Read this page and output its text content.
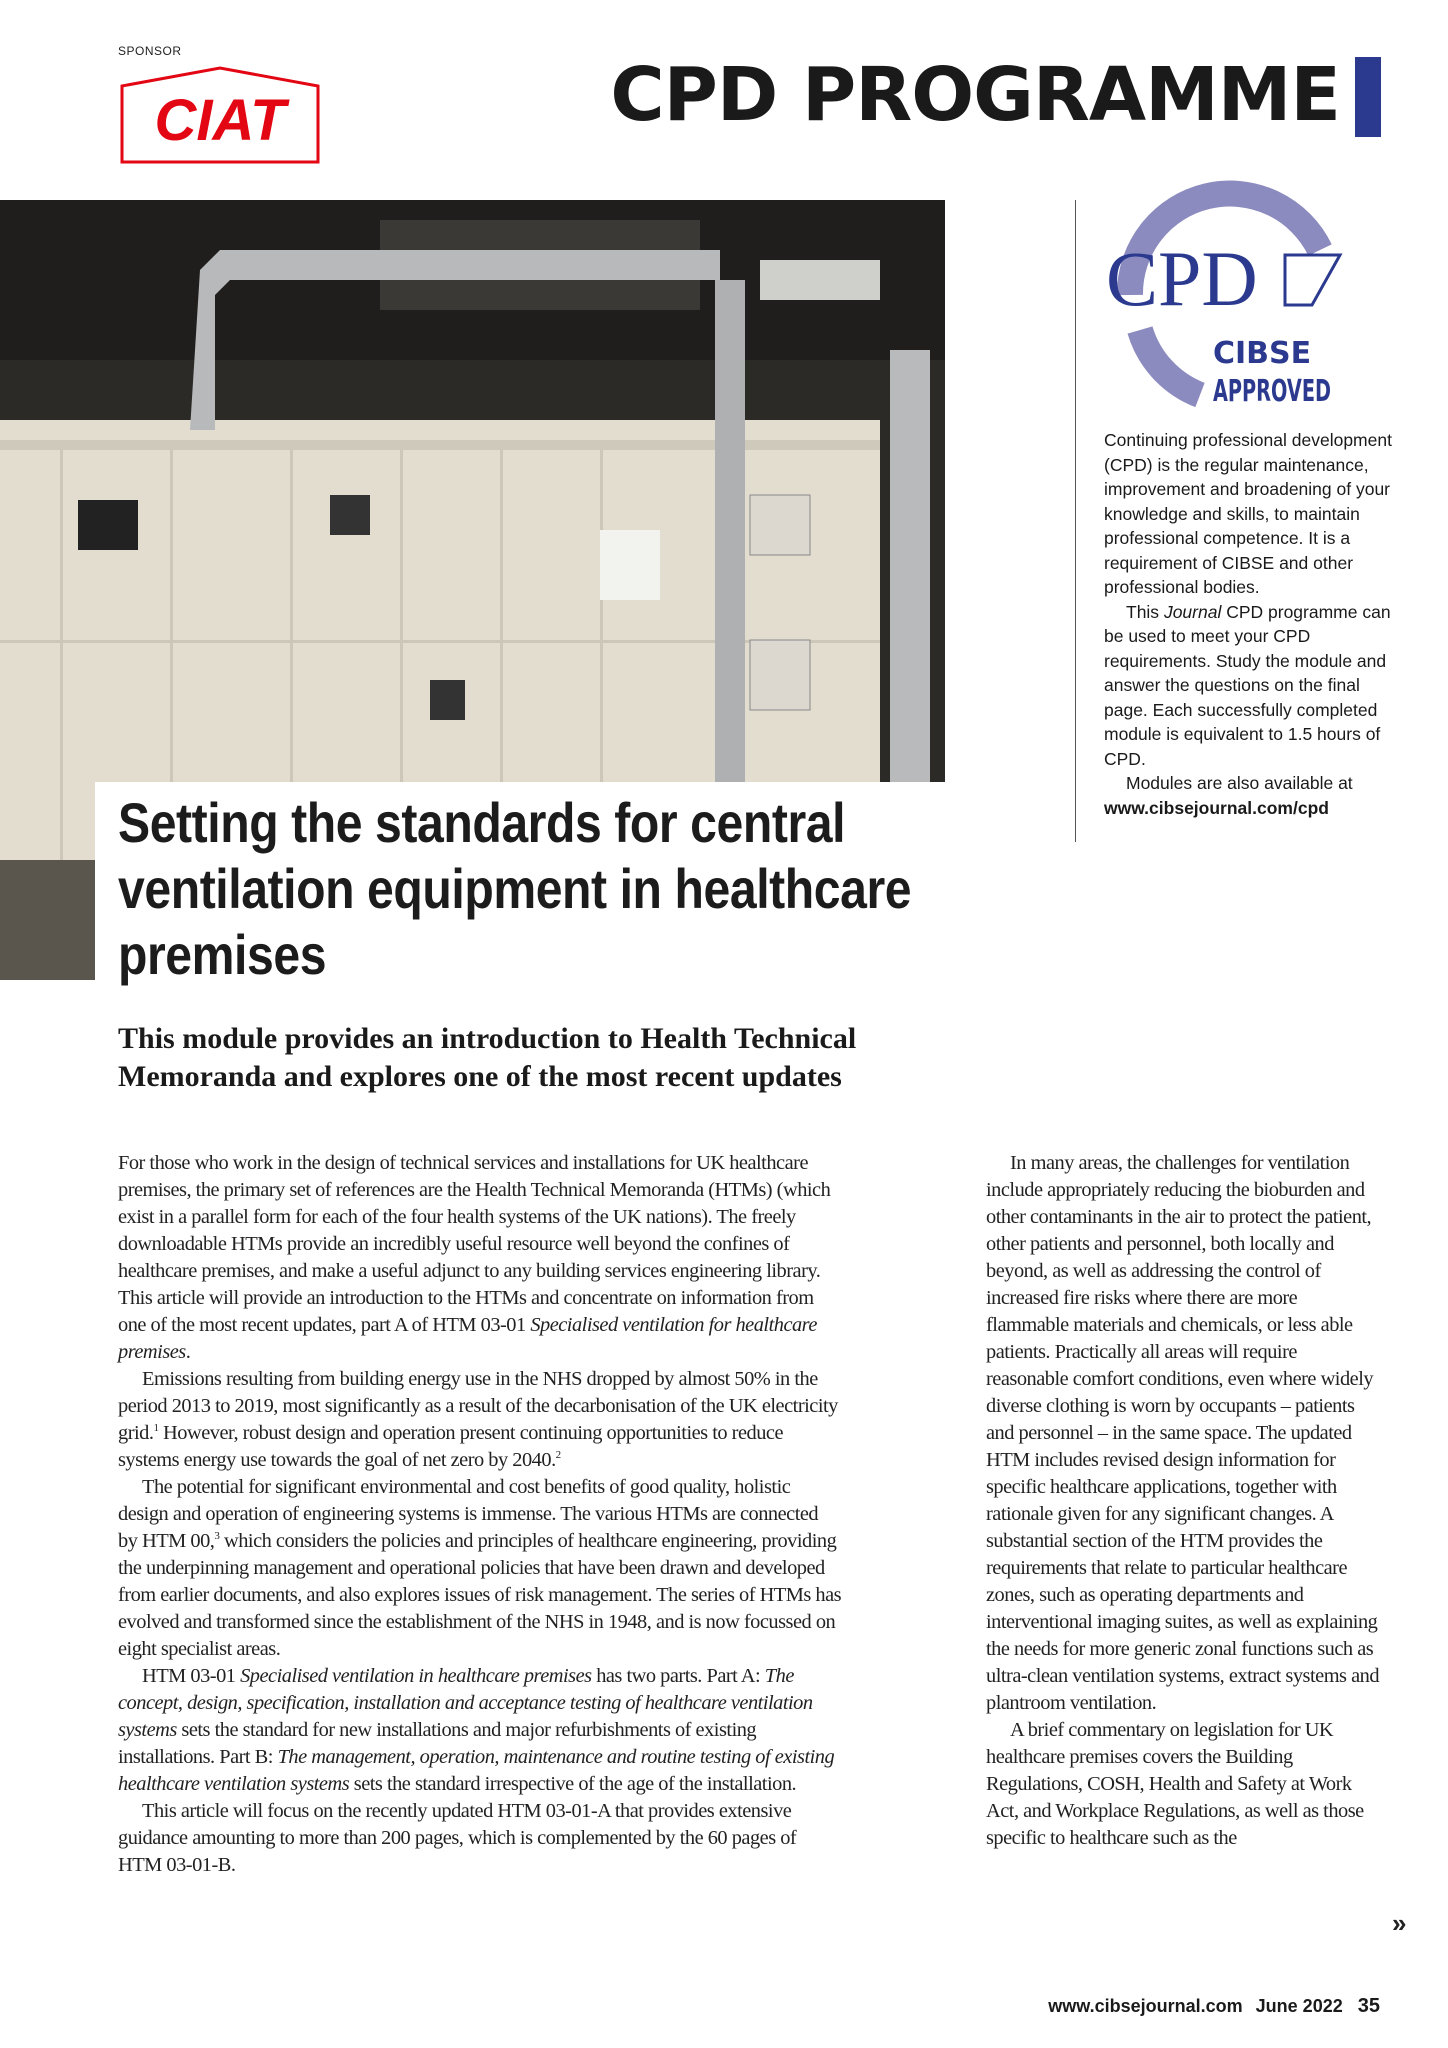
SPONSOR
CIAT	CPD PROGRAMME
Setting the standards for central ventilation equipment in healthcare premises
This module provides an introduction to Health Technical Memoranda and explores one of the most recent updates

For those who work in the design of technical services and installations for UK healthcare premises, the primary set of references are the Health Technical Memoranda (HTMs) (which exist in a parallel form for each of the four health systems of the UK nations). The freely downloadable HTMs provide an incredibly useful resource well beyond the confines of healthcare premises, and make a useful adjunct to any building services engineering library. This article will provide an introduction to the HTMs and concentrate on information from one of the most recent updates, part A of HTM 03-01 Specialised ventilation for healthcare premises.

Emissions resulting from building energy use in the NHS dropped by almost 50% in the period 2013 to 2019, most significantly as a result of the decarbonisation of the UK electricity grid.$^1$ However, robust design and operation present continuing opportunities to reduce systems energy use towards the goal of net zero by 2040.$^2$

The potential for significant environmental and cost benefits of good quality, holistic design and operation of engineering systems is immense. The various HTMs are connected by HTM 00,$^3$ which considers the policies and principles of healthcare engineering, providing the underpinning management and operational policies that have been drawn and developed from earlier documents, and also explores issues of risk management. The series of HTMs has evolved and transformed since the establishment of the NHS in 1948, and is now focussed on eight specialist areas.

HTM 03-01 Specialised ventilation in healthcare premises has two parts. Part A: The concept, design, specification, installation and acceptance testing of healthcare ventilation systems sets the standard for new installations and major refurbishments of existing installations. Part B: The management, operation, maintenance and routine testing of existing healthcare ventilation systems sets the standard irrespective of the age of the installation.

This article will focus on the recently updated HTM 03-01-A that provides extensive guidance amounting to more than 200 pages, which is complemented by the 60 pages of HTM 03-01-B.

In many areas, the challenges for ventilation include appropriately reducing the bioburden and other contaminants in the air to protect the patient, other patients and personnel, both locally and beyond, as well as addressing the control of increased fire risks where there are more flammable materials and chemicals, or less able patients. Practically all areas will require reasonable comfort conditions, even where widely diverse clothing is worn by occupants – patients and personnel – in the same space. The updated HTM includes revised design information for specific healthcare applications, together with rationale given for any significant changes. A substantial section of the HTM provides the requirements that relate to particular healthcare zones, such as operating departments and interventional imaging suites, as well as explaining the needs for more generic zonal functions such as ultra-clean ventilation systems, extract systems and plantroom ventilation.

A brief commentary on legislation for UK healthcare premises covers the Building Regulations, COSH, Health and Safety at Work Act, and Workplace Regulations, as well as those specific to healthcare such as the

»
CPD
CIBSE
APPROVED

Continuing professional development (CPD) is the regular maintenance, improvement and broadening of your knowledge and skills, to maintain professional competence. It is a requirement of CIBSE and other professional bodies.

This Journal CPD programme can be used to meet your CPD requirements. Study the module and answer the questions on the final page. Each successfully completed module is equivalent to 1.5 hours of CPD.

Modules are also available at

www.cibsejournal.com/cpd

www.cibsejournal.com June 2022 35
